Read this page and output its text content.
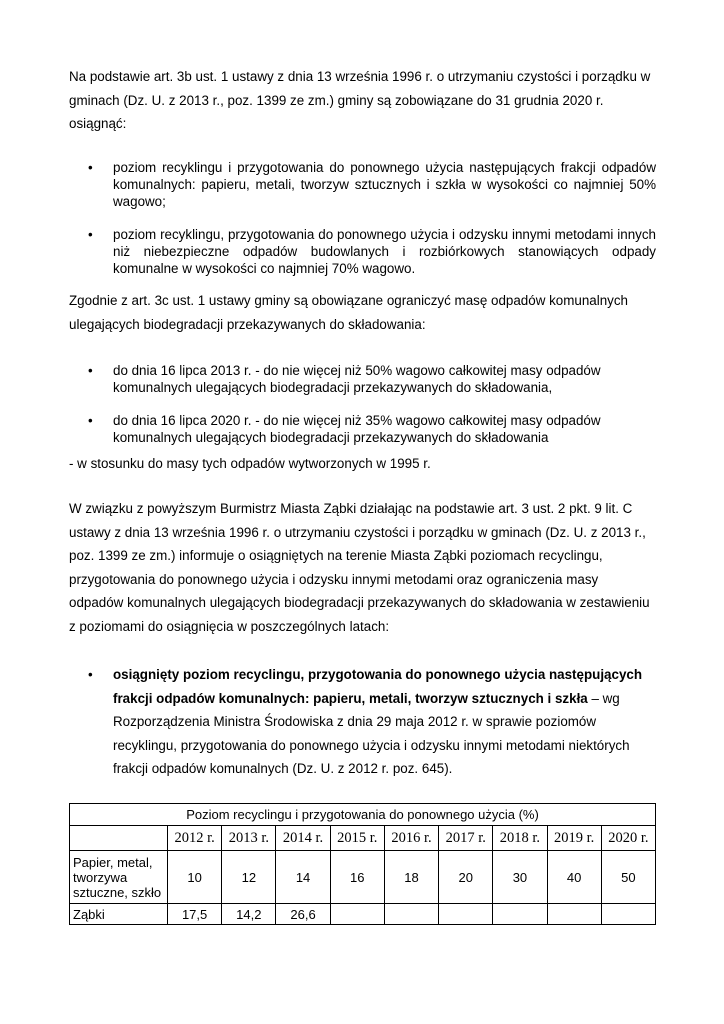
Na podstawie art. 3b ust. 1 ustawy z dnia 13 września 1996 r. o utrzymaniu czystości i porządku w
gminach (Dz. U. z 2013 r., poz. 1399 ze zm.) gminy są zobowiązane do 31 grudnia 2020 r.
osiągnąć:

• poziom recyklingu i przygotowania do ponownego użycia następujących frakcji odpadów komunalnych: papieru, metali, tworzyw sztucznych i szkła w wysokości co najmniej 50% wagowo;
• poziom recyklingu, przygotowania do ponownego użycia i odzysku innymi metodami innych niż niebezpieczne odpadów budowlanych i rozbiórkowych stanowiących odpady komunalne w wysokości co najmniej 70% wagowo.

Zgodnie z art. 3c ust. 1 ustawy gminy są obowiązane ograniczyć masę odpadów komunalnych
ulegających biodegradacji przekazywanych do składowania:

• do dnia 16 lipca 2013 r. - do nie więcej niż 50% wagowo całkowitej masy odpadów
komunalnych ulegających biodegradacji przekazywanych do składowania,
• do dnia 16 lipca 2020 r. - do nie więcej niż 35% wagowo całkowitej masy odpadów
komunalnych ulegających biodegradacji przekazywanych do składowania

- w stosunku do masy tych odpadów wytworzonych w 1995 r.

W związku z powyższym Burmistrz Miasta Ząbki działając na podstawie art. 3 ust. 2 pkt. 9 lit. C
ustawy z dnia 13 września 1996 r. o utrzymaniu czystości i porządku w gminach (Dz. U. z 2013 r.,
poz. 1399 ze zm.) informuje o osiągniętych na terenie Miasta Ząbki poziomach recyclingu,
przygotowania do ponownego użycia i odzysku innymi metodami oraz ograniczenia masy
odpadów komunalnych ulegających biodegradacji przekazywanych do składowania w zestawieniu
z poziomami do osiągnięcia w poszczególnych latach:

• osiągnięty poziom recyclingu, przygotowania do ponownego użycia następujących
frakcji odpadów komunalnych: papieru, metali, tworzyw sztucznych i szkła – wg
Rozporządzenia Ministra Środowiska z dnia 29 maja 2012 r. w sprawie poziomów
recyklingu, przygotowania do ponownego użycia i odzysku innymi metodami niektórych
frakcji odpadów komunalnych (Dz. U. z 2012 r. poz. 645).
Poziom recyclingu i przygotowania do ponownego użycia (%)									
	2012 r.	2013 r.	2014 r.	2015 r.	2016 r.	2017 r.	2018 r.	2019 r.	2020 r.
Papier, metal, tworzywa sztuczne, szkło	10	12	14	16	18	20	30	40	50
Ząbki	17,5	14,2	26,6						
